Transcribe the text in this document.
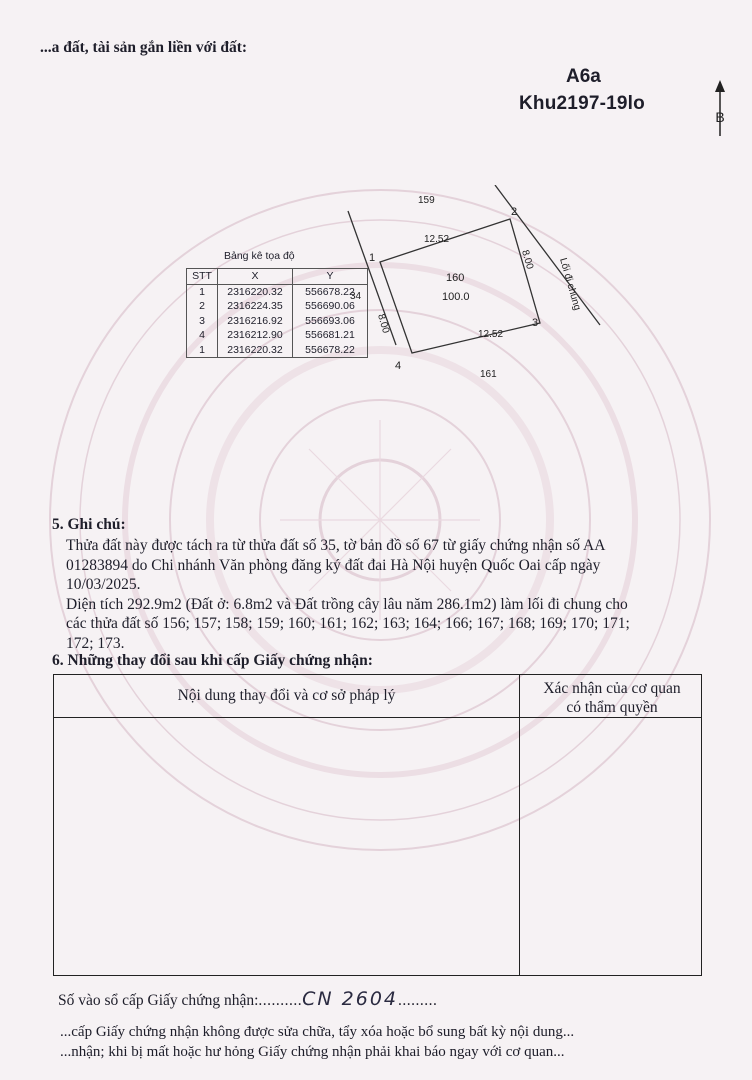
...a đất, tài sản gắn liền với đất:
A6a
Khu2197-19lo
B
Bảng kê tọa độ
STT	X	Y
1	2316220.32	556678.22
2	2316224.35	556690.06
3	2316216.92	556693.06
4	2316212.90	556681.21
1	2316220.32	556678.22
159
161
34
160
100.0
12.52
12.52
8.00
8.00
Lối đi chung
1
2
3
4
5. Ghi chú:

Thửa đất này được tách ra từ thửa đất số 35, tờ bản đồ số 67 từ giấy chứng nhận số AA

01283894 do Chi nhánh Văn phòng đăng ký đất đai Hà Nội huyện Quốc Oai cấp ngày

10/03/2025.

Diện tích 292.9m2 (Đất ở: 6.8m2 và Đất trồng cây lâu năm 286.1m2) làm lối đi chung cho

các thửa đất số 156; 157; 158; 159; 160; 161; 162; 163; 164; 166; 167; 168; 169; 170; 171;

172; 173.

6. Những thay đổi sau khi cấp Giấy chứng nhận:
Nội dung thay đổi và cơ sở pháp lý	Xác nhận của cơ quan
có thẩm quyền
Số vào sổ cấp Giấy chứng nhận:..........CN 2604.........

...cấp Giấy chứng nhận không được sửa chữa, tẩy xóa hoặc bổ sung bất kỳ nội dung...

...nhận; khi bị mất hoặc hư hỏng Giấy chứng nhận phải khai báo ngay với cơ quan...
